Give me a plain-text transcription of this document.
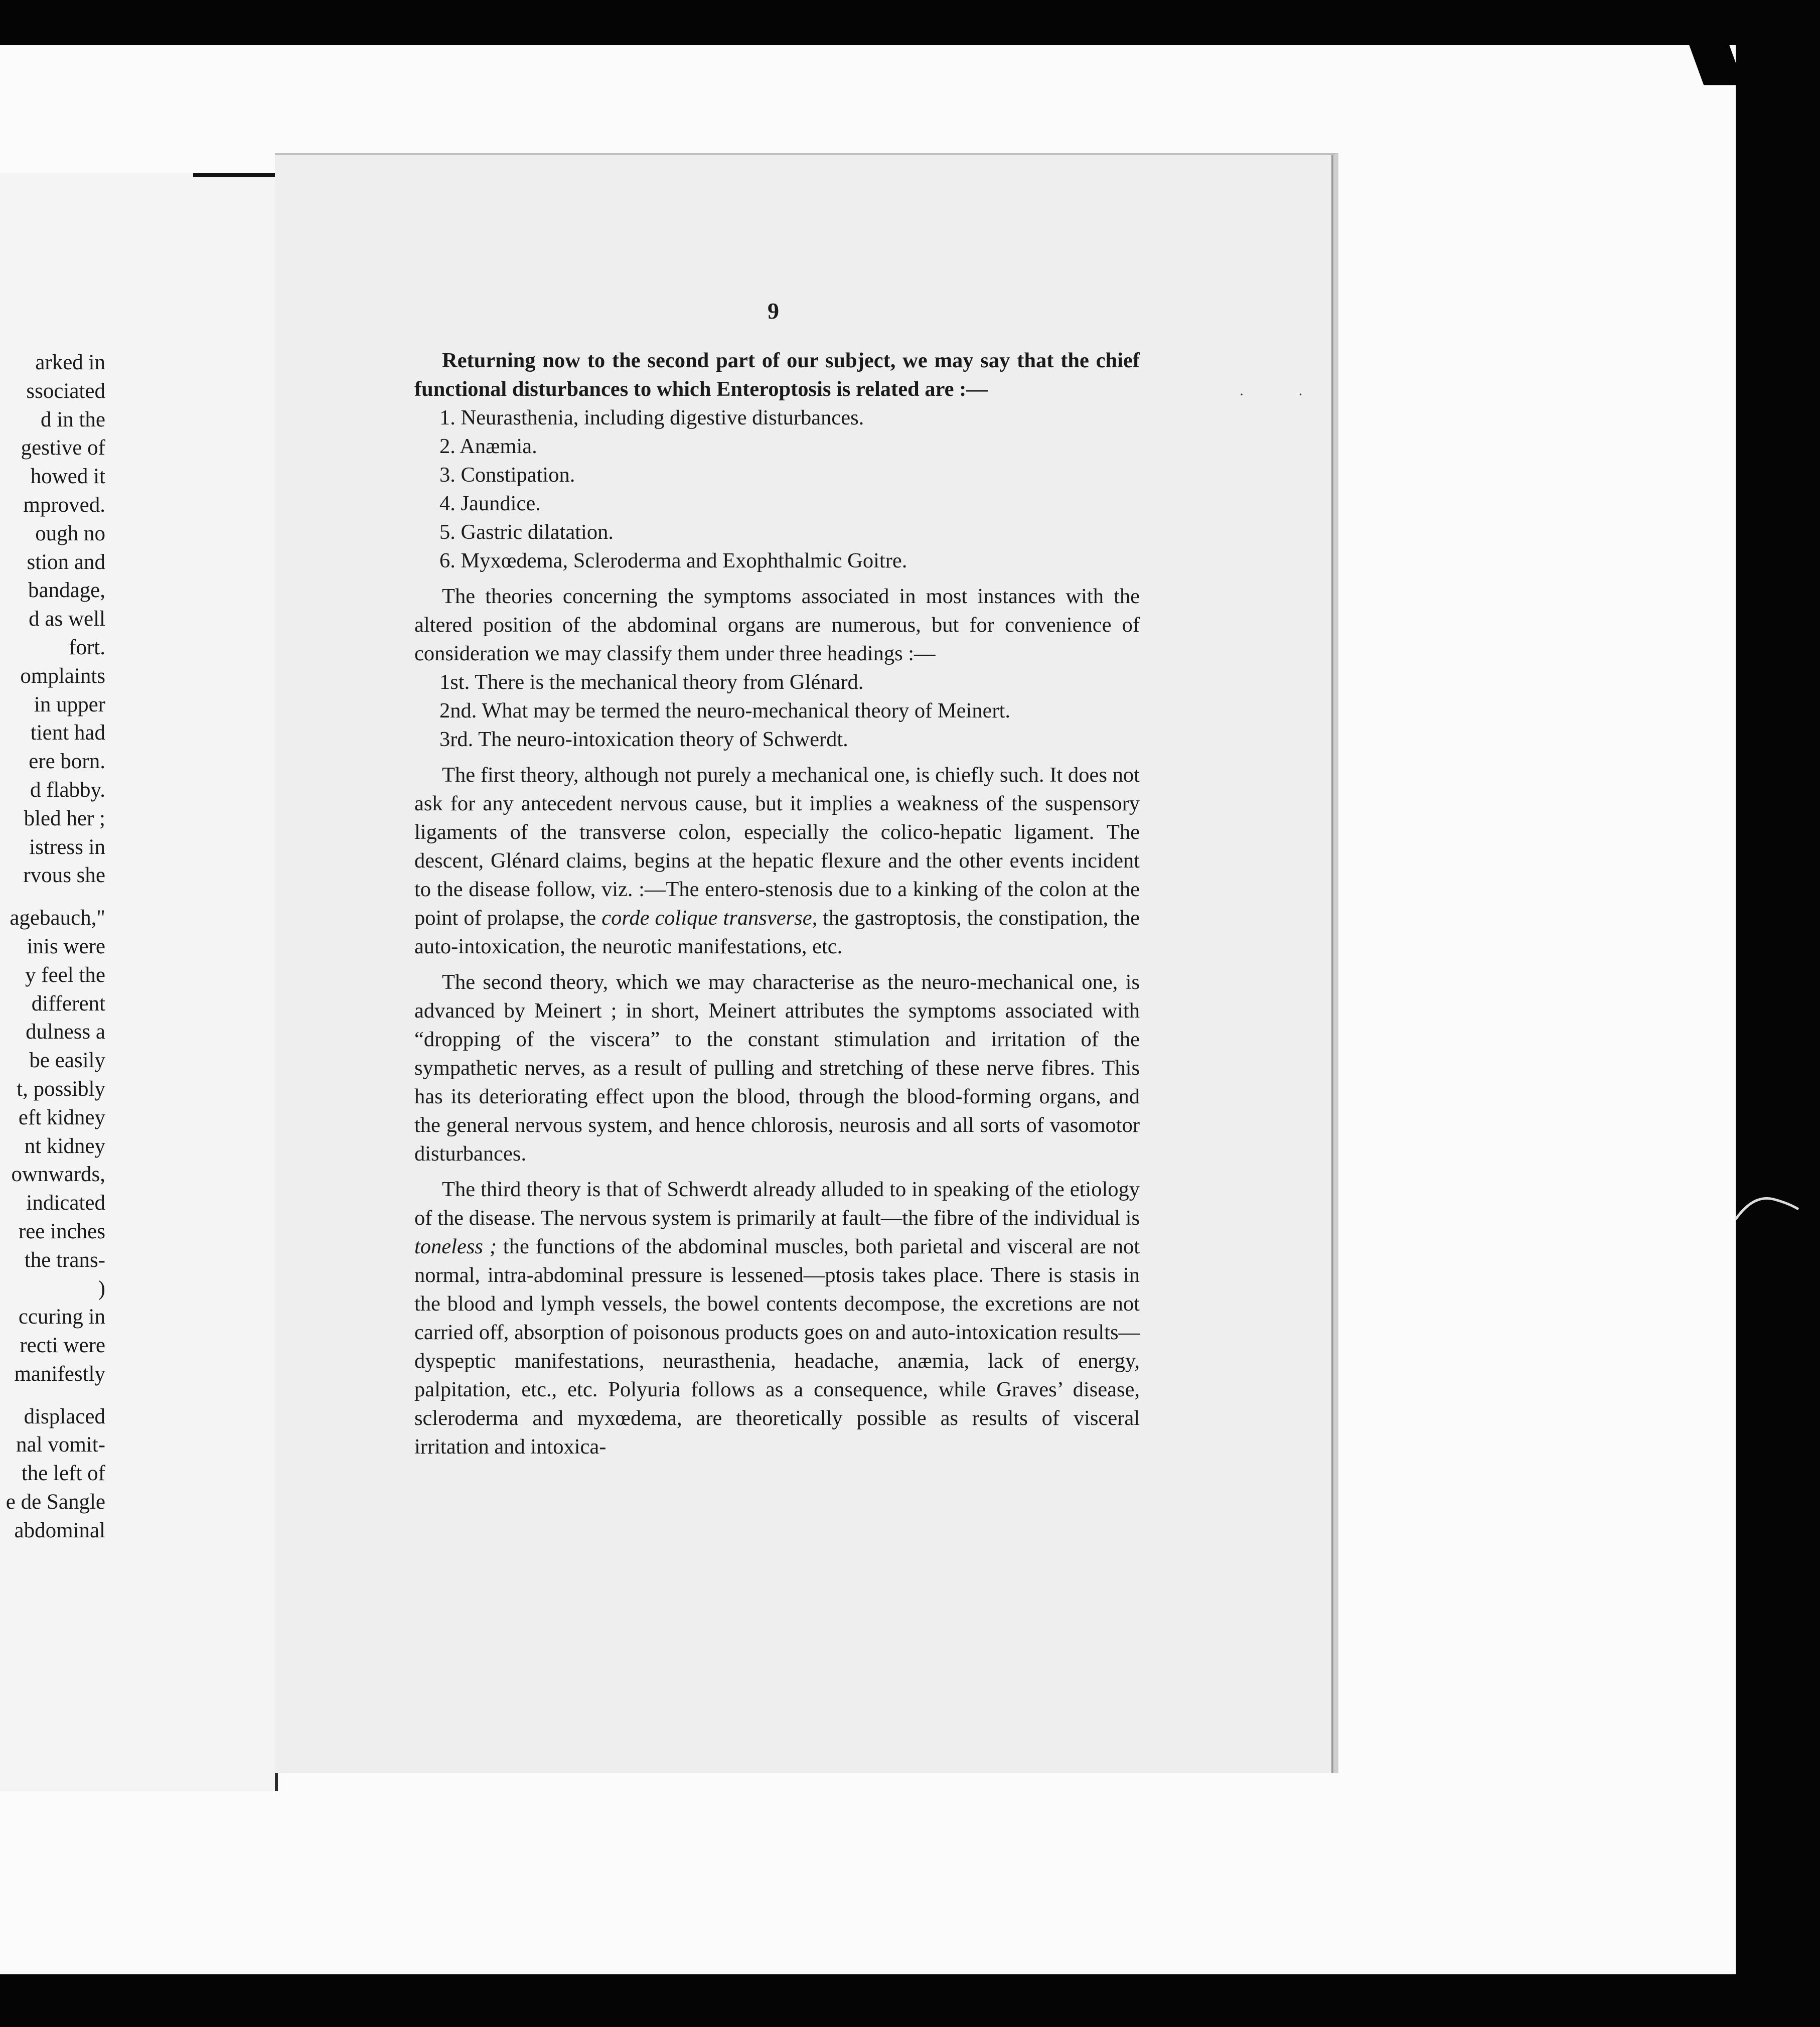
arked in
ssociated
d in the
gestive of
howed it
mproved.
ough no
stion and
bandage,
d as well
fort.
omplaints
in upper
tient had
ere born.
d flabby.
bled her ;
istress in
rvous she
agebauch,"
inis were
y feel the
different
dulness a
be easily
t, possibly
eft kidney
nt kidney
ownwards,
indicated
ree inches
the trans-
)
ccuring in
recti were
manifestly
displaced
nal vomit-
the left of
e de Sangle
abdominal
9
· ·

Returning now to the second part of our subject, we may say that the chief functional disturbances to which Enteroptosis is related are :—

1. Neurasthenia, including digestive disturbances.
2. Anæmia.
3. Constipation.
4. Jaundice.
5. Gastric dilatation.
6. Myxœdema, Scleroderma and Exophthalmic Goitre.

The theories concerning the symptoms associated in most instances with the altered position of the abdominal organs are numerous, but for convenience of consideration we may classify them under three headings :—

1st. There is the mechanical theory from Glénard.
2nd. What may be termed the neuro-mechanical theory of Meinert.
3rd. The neuro-intoxication theory of Schwerdt.

The first theory, although not purely a mechanical one, is chiefly such. It does not ask for any antecedent nervous cause, but it implies a weakness of the suspensory ligaments of the transverse colon, especially the colico-hepatic ligament. The descent, Glénard claims, begins at the hepatic flexure and the other events incident to the disease follow, viz. :—The entero-stenosis due to a kinking of the colon at the point of prolapse, the corde colique transverse, the gastroptosis, the constipation, the auto-intoxication, the neurotic manifestations, etc.

The second theory, which we may characterise as the neuro-mechanical one, is advanced by Meinert ; in short, Meinert attributes the symptoms associated with “dropping of the viscera” to the constant stimulation and irritation of the sympathetic nerves, as a result of pulling and stretching of these nerve fibres. This has its deteriorating effect upon the blood, through the blood-forming organs, and the general nervous system, and hence chlorosis, neurosis and all sorts of vasomotor disturbances.

The third theory is that of Schwerdt already alluded to in speaking of the etiology of the disease. The nervous system is primarily at fault—the fibre of the individual is toneless ; the functions of the abdominal muscles, both parietal and visceral are not normal, intra-abdominal pressure is lessened—ptosis takes place. There is stasis in the blood and lymph vessels, the bowel contents decompose, the excretions are not carried off, absorption of poisonous products goes on and auto-intoxication results—dyspeptic manifestations, neurasthenia, headache, anæmia, lack of energy, palpitation, etc., etc. Polyuria follows as a consequence, while Graves’ disease, scleroderma and myxœdema, are theoretically possible as results of visceral irritation and intoxica-
